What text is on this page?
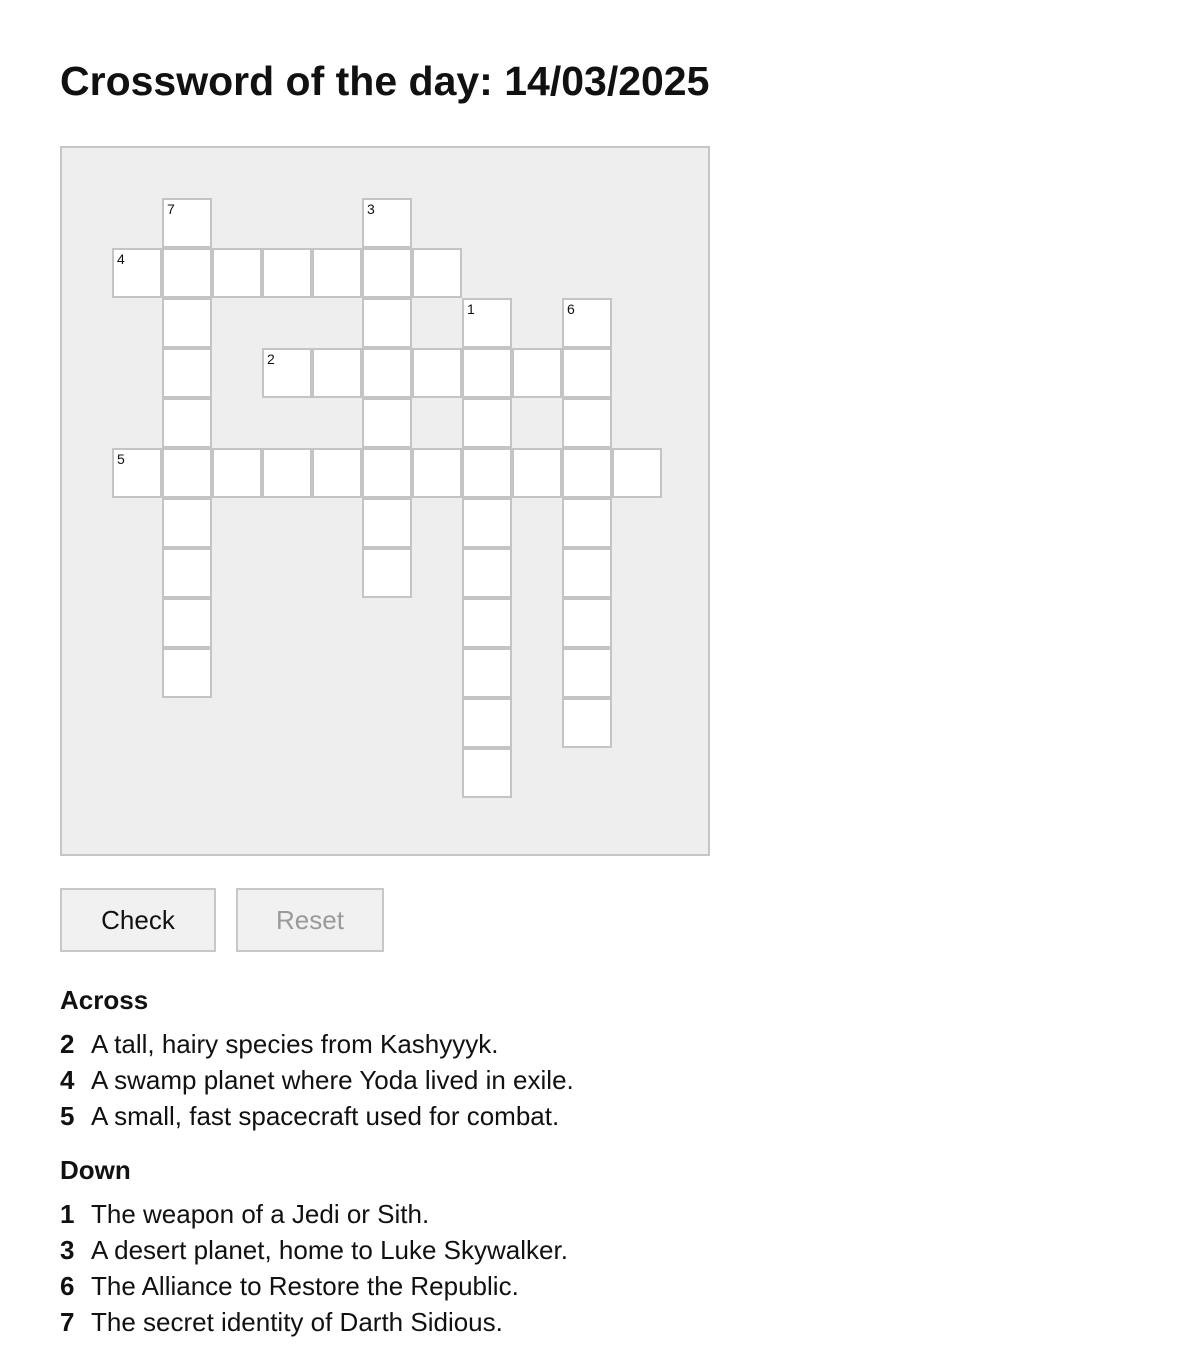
Crossword of the day: 14/03/2025
1
2
3
4
5
6
7
Check	Reset
Across
2 A tall, hairy species from Kashyyyk.
4 A swamp planet where Yoda lived in exile.
5 A small, fast spacecraft used for combat.
Down
1 The weapon of a Jedi or Sith.
3 A desert planet, home to Luke Skywalker.
6 The Alliance to Restore the Republic.
7 The secret identity of Darth Sidious.
